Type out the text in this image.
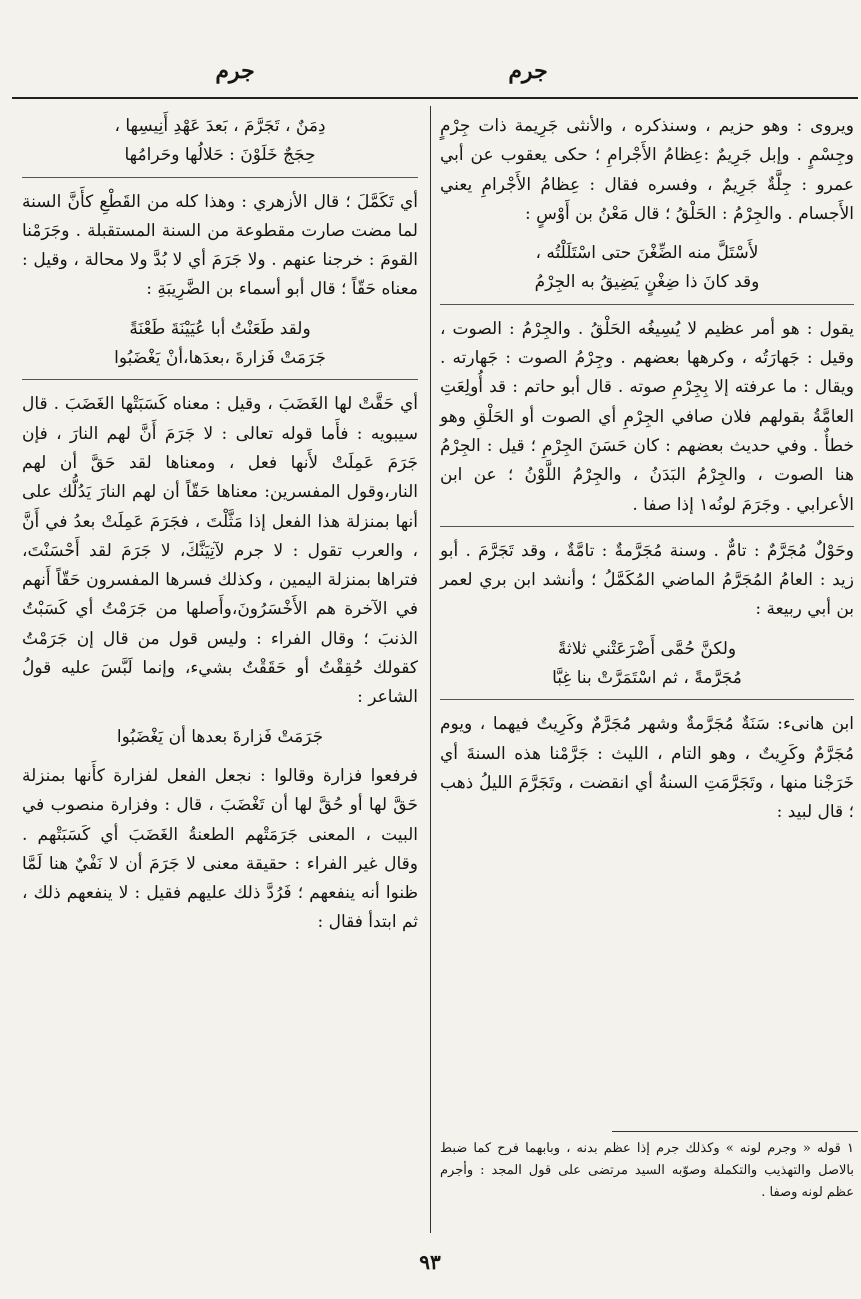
جرم	جرم

ويروى : وهو حزيم ، وسنذكره ، والأنثى جَرِيمة ذات جِرْمٍ وجِسْمٍ . وإبل جَرِيمٌ :عِظامُ الأَجْرامِ ؛ حكى يعقوب عن أبي عمرو : جِلَّةٌ جَرِيمٌ ، وفسره فقال : عِظامُ الأَجْرامِ يعني الأَجسام . والجِرْمُ : الحَلْقُ ؛ قال مَعْنُ بن أَوْسٍ :

لأَسْتَلَّ منه الضِّغْنَ حتى اسْتَلَلْتُه ،

وقد كانَ ذا ضِغْنٍ يَضِيقُ به الجِرْمُ

يقول : هو أمر عظيم لا يُسِيغُه الحَلْقُ . والجِرْمُ : الصوت ، وقيل : جَهارَتُه ، وكرهها بعضهم . وجِرْمُ الصوت : جَهارته . ويقال : ما عرفته إلا بِجِرْمِ صوته . قال أبو حاتم : قد أُولِعَتِ العامَّةُ بقولهم فلان صافي الجِرْمِ أي الصوت أو الحَلْقِ وهو خطأٌ . وفي حديث بعضهم : كان حَسَنَ الجِرْمِ ؛ قيل : الجِرْمُ هنا الصوت ، والجِرْمُ البَدَنُ ، والجِرْمُ اللَّوْنُ ؛ عن ابن الأعرابي . وجَرَمَ لونُه١ إذا صفا .

وحَوْلٌ مُجَرَّمٌ : تامٌّ . وسنة مُجَرَّمةٌ : تامَّةٌ ، وقد تَجَرَّمَ . أبو زيد : العامُ المُجَرَّمُ الماضي المُكَمَّلُ ؛ وأنشد ابن بري لعمر بن أبي ربيعة :

ولكنَّ حُمَّى أَضْرَعَتْني ثلاثةً

مُجَرَّمةً ، ثم اسْتَمَرَّتْ بنا غِبَّا

ابن هانىء: سَنَةٌ مُجَرَّمةٌ وشهر مُجَرَّمٌ وكَرِيتٌ فيهما ، ويوم مُجَرَّمٌ وكَرِيتٌ ، وهو التام ، الليث : جَرَّمْنا هذه السنةَ أي خَرَجْنا منها ، وتَجَرَّمَتِ السنةُ أي انقضت ، وتَجَرَّمَ الليلُ ذهب ؛ قال لبيد :

١ قوله « وجرم لونه » وكذلك جرم إذا عظم بدنه ، وبابهما فرح كما ضبط بالاصل والتهذيب والتكملة وصوّبه السيد مرتضى على قول المجد : وأجرم عظم لونه وصفا .

دِمَنٌ ، تَجَرَّمَ ، بَعدَ عَهْدِ أَنِيسِها ،

حِجَجٌ خَلَوْنَ : حَلالُها وحَرامُها

أي تَكَمَّلَ ؛ قال الأزهري : وهذا كله من القَطْعِ كأَنَّ السنة لما مضت صارت مقطوعة من السنة المستقبلة . وجَرَمْنا القومَ : خرجنا عنهم . ولا جَرَمَ أي لا بُدَّ ولا محالة ، وقيل : معناه حَقّاً ؛ قال أبو أسماء بن الضَّرِيبَةِ :

ولقد طَعَنْتُ أبا عُيَيْنَةَ طَعْنَةً

جَرَمَتْ فَزارةَ ،بعدَها،أنْ يَغْضَبُوا

أي حَقَّتْ لها الغَضَبَ ، وقيل : معناه كَسَبَتْها الغَضَبَ . قال سيبويه : فأَما قوله تعالى : لا جَرَمَ أَنَّ لهم النارَ ، فإن جَرَمَ عَمِلَتْ لأَنها فعل ، ومعناها لقد حَقَّ أن لهم النار،وقول المفسرين: معناها حَقّاً أن لهم النارَ يَدُلُّك على أنها بمنزلة هذا الفعل إذا مَثَّلْتَ ، فجَرَمَ عَمِلَتْ بعدُ في أَنَّ ، والعرب تقول : لا جرم لآتِيَنَّكَ، لا جَرَمَ لقد أَحْسَنْتَ، فتراها بمنزلة اليمين ، وكذلك فسرها المفسرون حَقّاً أَنهم في الآخرة هم الأَخْسَرُونَ،وأَصلها من جَرَمْتُ أي كَسَبْتُ الذنبَ ؛ وقال الفراء : وليس قول من قال إن جَرَمْتُ كقولك حُقِقْتُ أو حَقَقْتُ بشيء، وإنما لَبَّسَ عليه قولُ الشاعر :

جَرَمَتْ فَزارةَ بعدها أن يَغْضَبُوا

فرفعوا فزارة وقالوا : نجعل الفعل لفزارة كأَنها بمنزلة حَقَّ لها أو حُقَّ لها أن تَغْضَبَ ، قال : وفزارة منصوب في البيت ، المعنى جَرَمَتْهم الطعنةُ الغَضَبَ أي كَسَبَتْهم . وقال غير الفراء : حقيقة معنى لا جَرَمَ أن لا نَفْيٌ هنا لَمَّا ظنوا أنه ينفعهم ؛ فَرُدَّ ذلك عليهم فقيل : لا ينفعهم ذلك ، ثم ابتدأ فقال :

٩٣
